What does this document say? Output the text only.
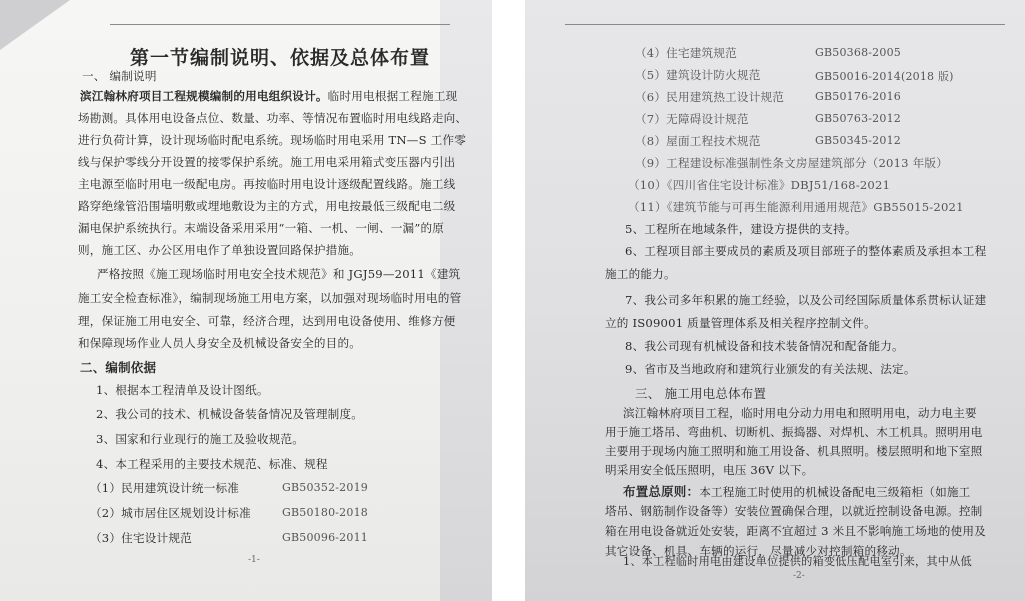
第一节编制说明、依据及总体布置
一、 编制说明
滨江翰林府项目工程规模编制的用电组织设计。临时用电根据工程施工现
场勘测。具体用电设备点位、数量、功率、等情况布置临时用电线路走向、
进行负荷计算，设计现场临时配电系统。现场临时用电采用 TN—S 工作零
线与保护零线分开设置的接零保护系统。施工用电采用箱式变压器内引出
主电源至临时用电一级配电房。再按临时用电设计逐级配置线路。施工线
路穿绝缘管沿围墙明敷或埋地敷设为主的方式，用电按最低三级配电二级
漏电保护系统执行。末端设备采用采用“一箱、一机、一闸、一漏”的原
则，施工区、办公区用电作了单独设置回路保护措施。
严格按照《施工现场临时用电安全技术规范》和 JGJ59—2011《建筑
施工安全检查标准》，编制现场施工用电方案，以加强对现场临时用电的管
理，保证施工用电安全、可靠，经济合理，达到用电设备使用、维修方便
和保障现场作业人员人身安全及机械设备安全的目的。
二、编制依据
1、根据本工程清单及设计图纸。
2、我公司的技术、机械设备装备情况及管理制度。
3、国家和行业现行的施工及验收规范。
4、本工程采用的主要技术规范、标准、规程
（1）民用建筑设计统一标准	GB50352-2019
（2）城市居住区规划设计标准	GB50180-2018
（3）住宅设计规范	GB50096-2011
-1-
（4）住宅建筑规范	GB50368-2005
（5）建筑设计防火规范	GB50016-2014(2018 版)
（6）民用建筑热工设计规范	GB50176-2016
（7）无障碍设计规范	GB50763-2012
（8）屋面工程技术规范	GB50345-2012
（9）工程建设标准强制性条文房屋建筑部分（2013 年版）
（10）《四川省住宅设计标准》DBJ51/168-2021
（11）《建筑节能与可再生能源利用通用规范》GB55015-2021
5、工程所在地域条件，建设方提供的支持。
6、工程项目部主要成员的素质及项目部班子的整体素质及承担本工程
施工的能力。
7、我公司多年积累的施工经验，以及公司经国际质量体系贯标认证建
立的 IS09001 质量管理体系及相关程序控制文件。
8、我公司现有机械设备和技术装备情况和配备能力。
9、省市及当地政府和建筑行业颁发的有关法规、法定。
三、 施工用电总体布置
滨江翰林府项目工程，临时用电分动力用电和照明用电，动力电主要
用于施工塔吊、弯曲机、切断机、振捣器、对焊机、木工机具。照明用电
主要用于现场内施工照明和施工用设备、机具照明。楼层照明和地下室照
明采用安全低压照明，电压 36V 以下。
布置总原则：本工程施工时使用的机械设备配电三级箱柜（如施工
塔吊、钢筋制作设备等）安装位置确保合理，以就近控制设备电源。控制
箱在用电设备就近处安装，距离不宜超过 3 米且不影响施工场地的使用及
其它设备、机具、车辆的运行，尽量减少对控制箱的移动。
1、本工程临时用电由建设单位提供的箱变低压配电室引来，其中从低
-2-
